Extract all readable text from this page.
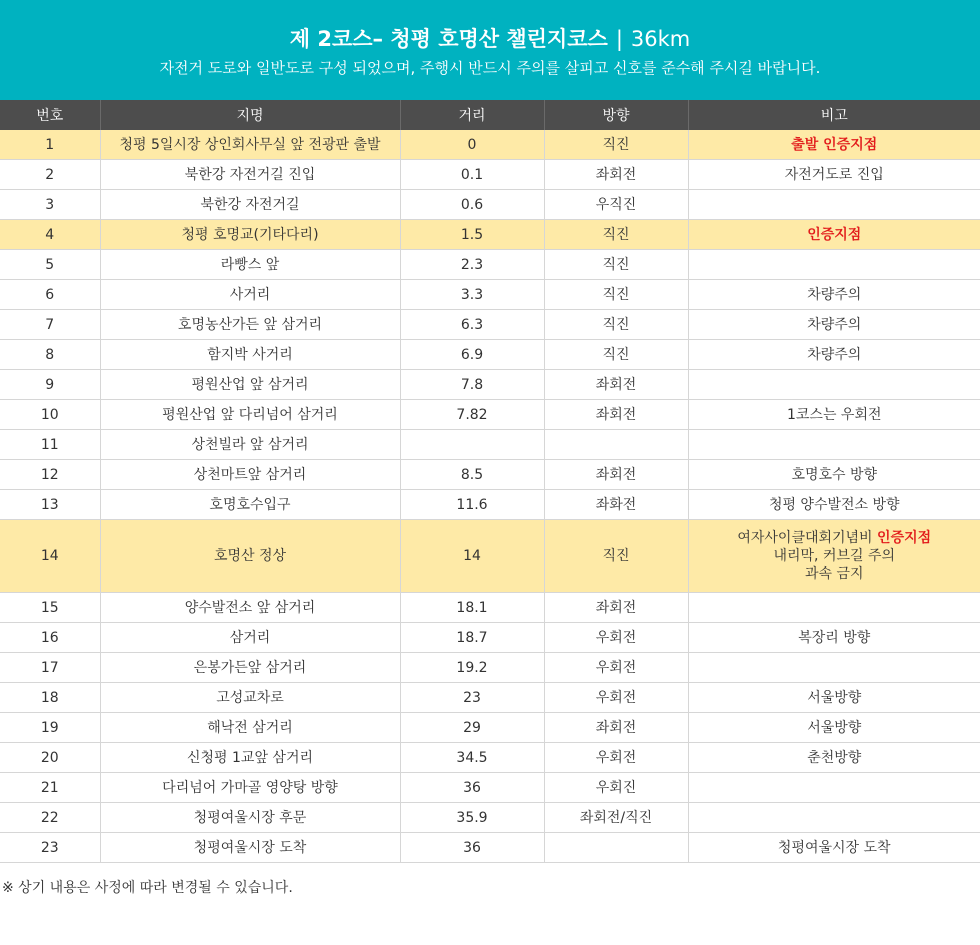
제 2코스– 청평 호명산 챌린지코스 | 36km
자전거 도로와 일반도로 구성 되었으며, 주행시 반드시 주의를 살피고 신호를 준수해 주시길 바랍니다.
번호	지명	거리	방향	비고
1	청평 5일시장 상인회사무실 앞 전광판 출발	0	직진	출발 인증지점
2	북한강 자전거길 진입	0.1	좌회전	자전거도로 진입
3	북한강 자전거길	0.6	우직진	
4	청평 호명교(기타다리)	1.5	직진	인증지점
5	라빵스 앞	2.3	직진	
6	사거리	3.3	직진	차량주의
7	호명농산가든 앞 삼거리	6.3	직진	차량주의
8	함지박 사거리	6.9	직진	차량주의
9	평원산업 앞 삼거리	7.8	좌회전	
10	평원산업 앞 다리넘어 삼거리	7.82	좌회전	1코스는 우회전
11	상천빌라 앞 삼거리			
12	상천마트앞 삼거리	8.5	좌회전	호명호수 방향
13	호명호수입구	11.6	좌화전	청평 양수발전소 방향
14	호명산 정상	14	직진	여자사이클대회기념비 인증지점
내리막, 커브길 주의
과속 금지
15	양수발전소 앞 삼거리	18.1	좌회전	
16	삼거리	18.7	우회전	복장리 방향
17	은봉가든앞 삼거리	19.2	우회전	
18	고성교차로	23	우회전	서울방향
19	해낙전 삼거리	29	좌회전	서울방향
20	신청평 1교앞 삼거리	34.5	우회전	춘천방향
21	다리넘어 가마골 영양탕 방향	36	우회진	
22	청평여울시장 후문	35.9	좌회전/직진	
23	청평여울시장 도착	36		청평여울시장 도착
※ 상기 내용은 사정에 따라 변경될 수 있습니다.
